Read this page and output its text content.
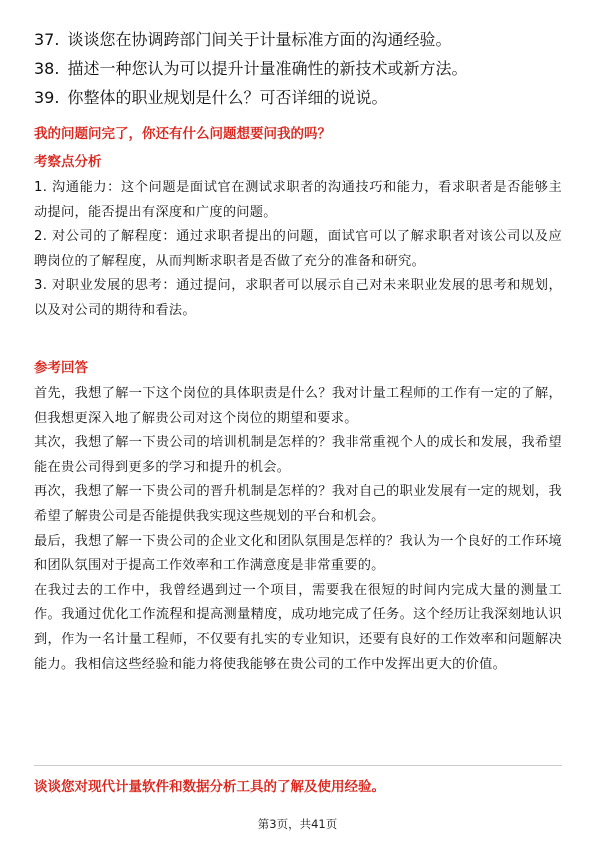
37. 谈谈您在协调跨部门间关于计量标准方面的沟通经验。
38. 描述一种您认为可以提升计量准确性的新技术或新方法。
39. 你整体的职业规划是什么？可否详细的说说。
我的问题问完了，你还有什么问题想要问我的吗？
考察点分析

1. 沟通能力：这个问题是面试官在测试求职者的沟通技巧和能力，看求职者是否能够主动提问，能否提出有深度和广度的问题。

2. 对公司的了解程度：通过求职者提出的问题，面试官可以了解求职者对该公司以及应聘岗位的了解程度，从而判断求职者是否做了充分的准备和研究。

3. 对职业发展的思考：通过提问，求职者可以展示自己对未来职业发展的思考和规划，以及对公司的期待和看法。

参考回答

首先，我想了解一下这个岗位的具体职责是什么？我对计量工程师的工作有一定的了解，但我想更深入地了解贵公司对这个岗位的期望和要求。

其次，我想了解一下贵公司的培训机制是怎样的？我非常重视个人的成长和发展，我希望能在贵公司得到更多的学习和提升的机会。

再次，我想了解一下贵公司的晋升机制是怎样的？我对自己的职业发展有一定的规划，我希望了解贵公司是否能提供我实现这些规划的平台和机会。

最后，我想了解一下贵公司的企业文化和团队氛围是怎样的？我认为一个良好的工作环境和团队氛围对于提高工作效率和工作满意度是非常重要的。

在我过去的工作中，我曾经遇到过一个项目，需要我在很短的时间内完成大量的测量工作。我通过优化工作流程和提高测量精度，成功地完成了任务。这个经历让我深刻地认识到，作为一名计量工程师，不仅要有扎实的专业知识，还要有良好的工作效率和问题解决能力。我相信这些经验和能力将使我能够在贵公司的工作中发挥出更大的价值。

谈谈您对现代计量软件和数据分析工具的了解及使用经验。
第3页，共41页
